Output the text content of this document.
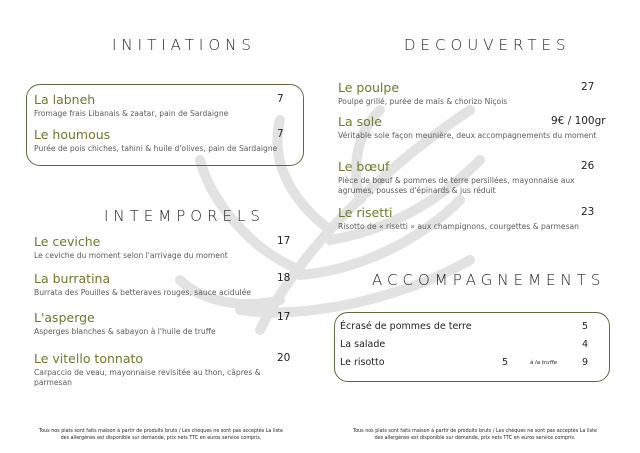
INITIATIONS
La labneh	7
Fromage frais Libanais & zaatar, pain de Sardaigne
Le houmous	7
Purée de pois chiches, tahini & huile d'olives, pain de Sardaigne
INTEMPORELS
Le ceviche	17
Le ceviche du moment selon l'arrivage du moment
La burratina	18
Burrata des Pouilles & betteraves rouges, sauce acidulée
L'asperge	17
Asperges blanches & sabayon à l'huile de truffe
Le vitello tonnato	20
Carpaccio de veau, mayonnaise revisitée au thon, câpres & parmesan
Tous nos plats sont faits maison à partir de produits bruts / Les chèques ne sont pas acceptés La liste des allergènes est disponible sur demande, prix nets TTC en euros service compris.
DECOUVERTES
Le poulpe	27
Poulpe grillé, purée de maïs & chorizo Niçois
La sole	9€ / 100gr
Véritable sole façon meunière, deux accompagnements du moment
Le bœuf	26
Pièce de bœuf & pommes de terre persillées, mayonnaise aux agrumes, pousses d'épinards & jus réduit
Le risetti	23
Risotto de « risetti » aux champignons, courgettes & parmesan
ACCOMPAGNEMENTS
Écrasé de pommes de terre	5
La salade	4
Le risotto	5	à la truffe	9
Tous nos plats sont faits maison à partir de produits bruts / Les chèques ne sont pas acceptés La liste des allergènes est disponible sur demande, prix nets TTC en euros service compris.
